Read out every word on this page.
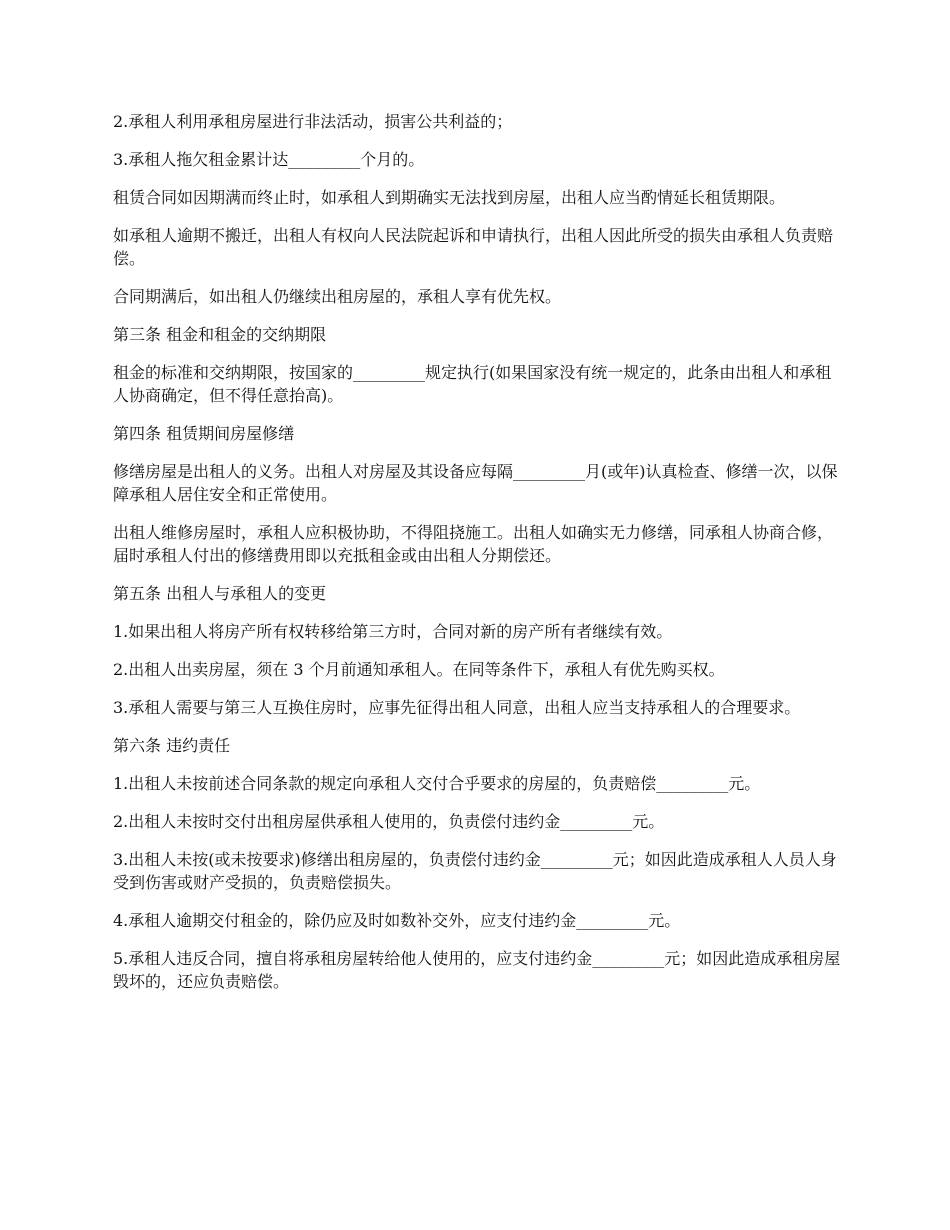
2.承租人利用承租房屋进行非法活动，损害公共利益的；

3.承租人拖欠租金累计达_________个月的。

租赁合同如因期满而终止时，如承租人到期确实无法找到房屋，出租人应当酌情延长租赁期限。

如承租人逾期不搬迁，出租人有权向人民法院起诉和申请执行，出租人因此所受的损失由承租人负责赔偿。

合同期满后，如出租人仍继续出租房屋的，承租人享有优先权。

第三条 租金和租金的交纳期限

租金的标准和交纳期限，按国家的_________规定执行(如果国家没有统一规定的，此条由出租人和承租人协商确定，但不得任意抬高)。

第四条 租赁期间房屋修缮

修缮房屋是出租人的义务。出租人对房屋及其设备应每隔_________月(或年)认真检查、修缮一次，以保障承租人居住安全和正常使用。

出租人维修房屋时，承租人应积极协助，不得阻挠施工。出租人如确实无力修缮，同承租人协商合修，届时承租人付出的修缮费用即以充抵租金或由出租人分期偿还。

第五条 出租人与承租人的变更

1.如果出租人将房产所有权转移给第三方时，合同对新的房产所有者继续有效。

2.出租人出卖房屋，须在 3 个月前通知承租人。在同等条件下，承租人有优先购买权。

3.承租人需要与第三人互换住房时，应事先征得出租人同意，出租人应当支持承租人的合理要求。

第六条 违约责任

1.出租人未按前述合同条款的规定向承租人交付合乎要求的房屋的，负责赔偿_________元。

2.出租人未按时交付出租房屋供承租人使用的，负责偿付违约金_________元。

3.出租人未按(或未按要求)修缮出租房屋的，负责偿付违约金_________元；如因此造成承租人人员人身受到伤害或财产受损的，负责赔偿损失。

4.承租人逾期交付租金的，除仍应及时如数补交外，应支付违约金_________元。

5.承租人违反合同，擅自将承租房屋转给他人使用的，应支付违约金_________元；如因此造成承租房屋毁坏的，还应负责赔偿。
